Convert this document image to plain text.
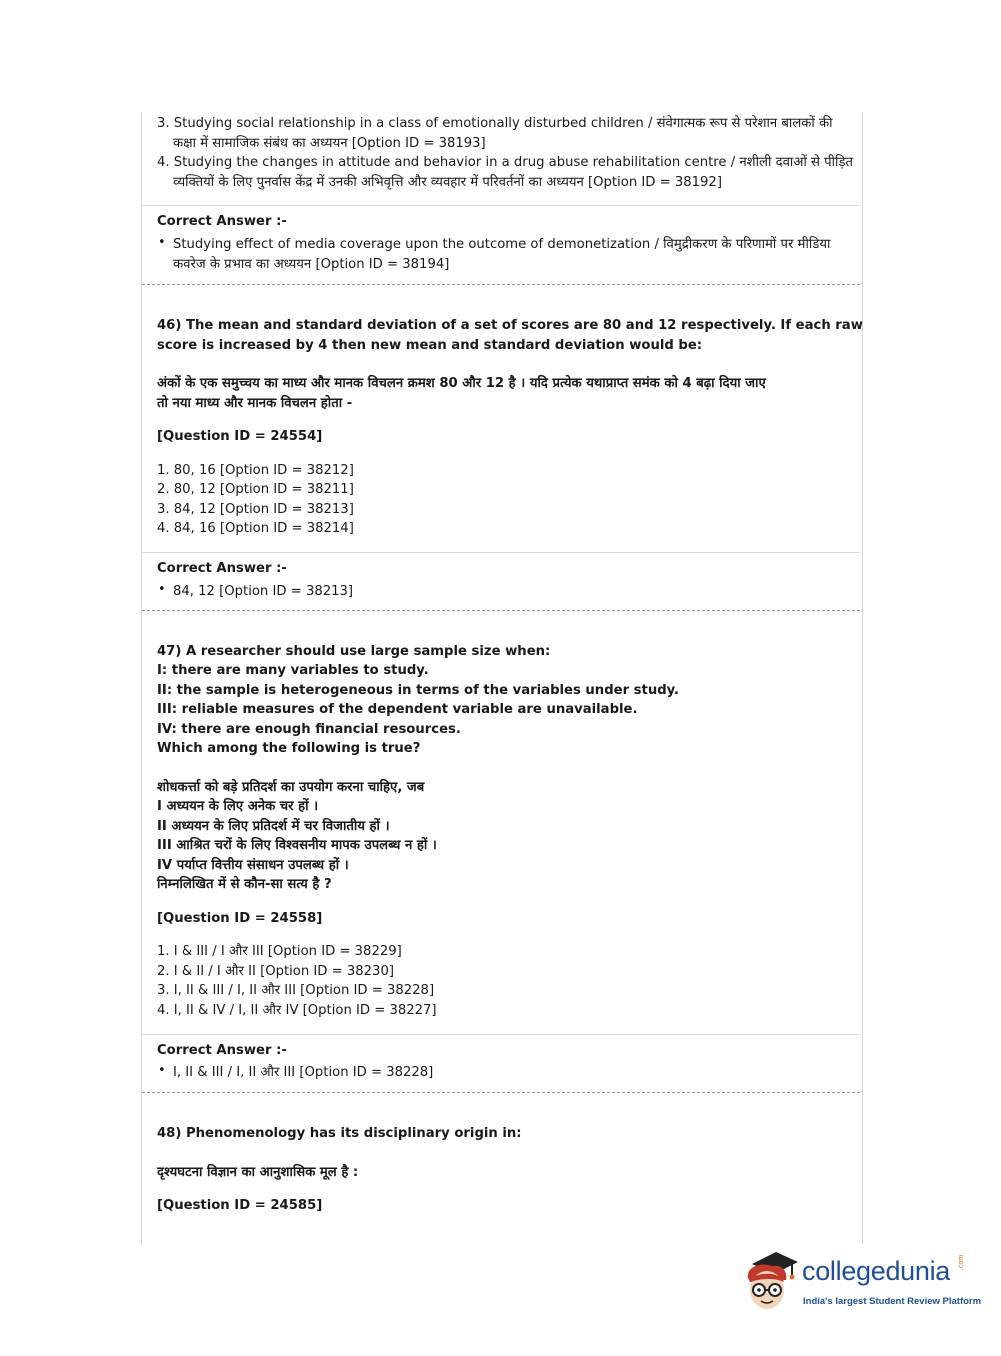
3. Studying social relationship in a class of emotionally disturbed children / संवेगात्मक रूप से परेशान बालकों की
कक्षा में सामाजिक संबंध का अध्ययन [Option ID = 38193]
4. Studying the changes in attitude and behavior in a drug abuse rehabilitation centre / नशीली दवाओं से पीड़ित
व्यक्तियों के लिए पुनर्वास केंद्र में उनकी अभिवृत्ति और व्यवहार में परिवर्तनों का अध्ययन [Option ID = 38192]
Correct Answer :-
• Studying effect of media coverage upon the outcome of demonetization / विमुद्रीकरण के परिणामों पर मीडिया
कवरेज के प्रभाव का अध्ययन [Option ID = 38194]
46) The mean and standard deviation of a set of scores are 80 and 12 respectively. If each raw
score is increased by 4 then new mean and standard deviation would be:
अंकों के एक समुच्चय का माध्य और मानक विचलन क्रमश 80 और 12 है । यदि प्रत्येक यथाप्राप्त समंक को 4 बढ़ा दिया जाए
तो नया माध्य और मानक विचलन होता -
[Question ID = 24554]
1. 80, 16 [Option ID = 38212]
2. 80, 12 [Option ID = 38211]
3. 84, 12 [Option ID = 38213]
4. 84, 16 [Option ID = 38214]
Correct Answer :-
• 84, 12 [Option ID = 38213]
47) A researcher should use large sample size when:
I: there are many variables to study.
II: the sample is heterogeneous in terms of the variables under study.
III: reliable measures of the dependent variable are unavailable.
IV: there are enough financial resources.
Which among the following is true?
शोधकर्त्ता को बड़े प्रतिदर्श का उपयोग करना चाहिए, जब
I अध्ययन के लिए अनेक चर हों ।
II अध्ययन के लिए प्रतिदर्श में चर विजातीय हों ।
III आश्रित चरों के लिए विश्वसनीय मापक उपलब्ध न हों ।
IV पर्याप्त वित्तीय संसाधन उपलब्ध हों ।
निम्नलिखित में से कौन-सा सत्य है ?
[Question ID = 24558]
1. I & III / I और III [Option ID = 38229]
2. I & II / I और II [Option ID = 38230]
3. I, II & III / I, II और III [Option ID = 38228]
4. I, II & IV / I, II और IV [Option ID = 38227]
Correct Answer :-
• I, II & III / I, II और III [Option ID = 38228]
48) Phenomenology has its disciplinary origin in:
दृश्यघटना विज्ञान का आनुशासिक मूल है :
[Question ID = 24585]
collegedunia .com
India's largest Student Review Platform
